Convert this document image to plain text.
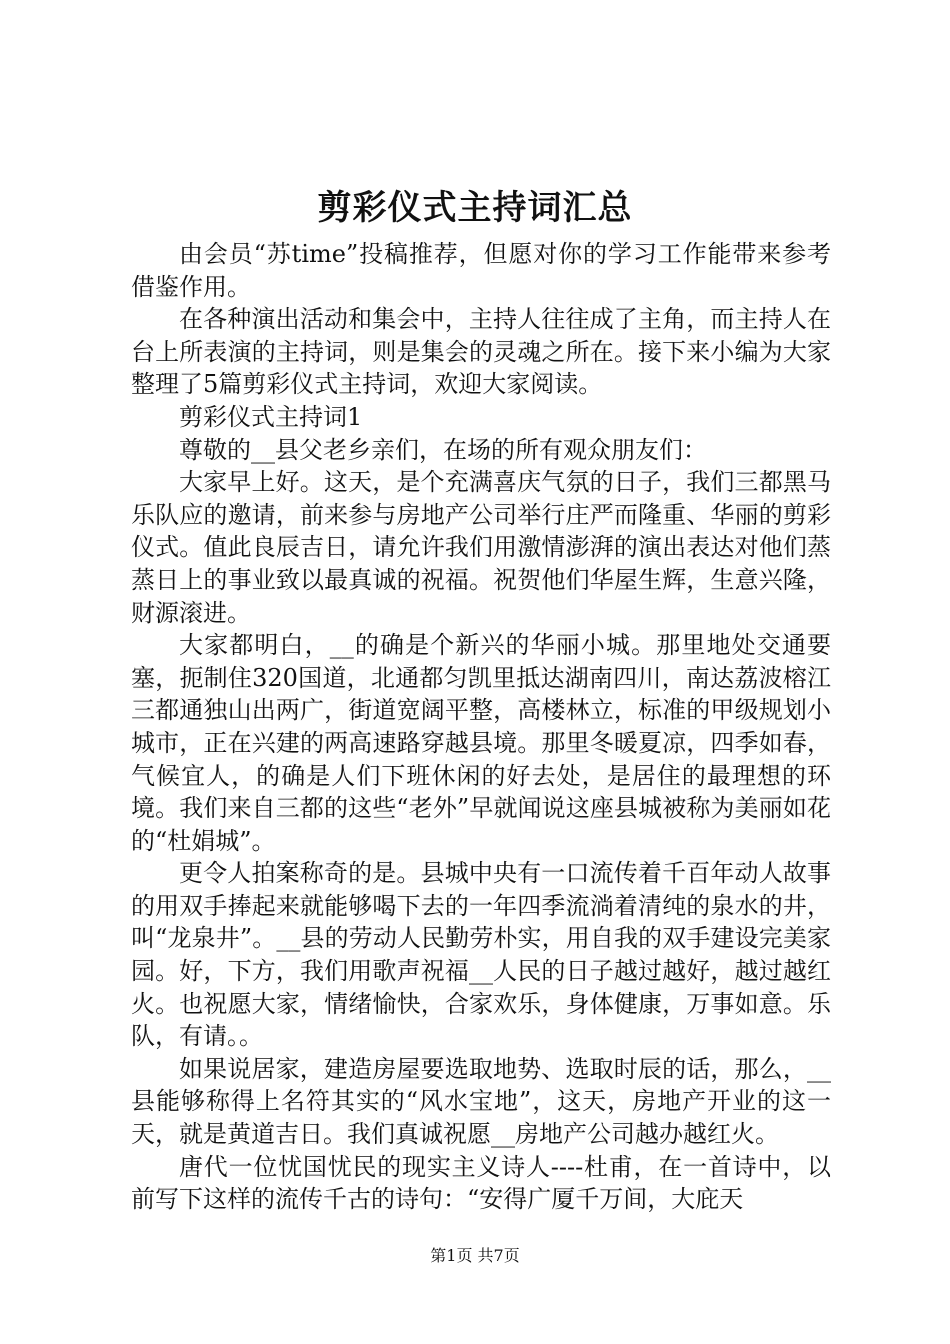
剪彩仪式主持词汇总

由会员“苏time”投稿推荐，但愿对你的学习工作能带来参考借鉴作用。

在各种演出活动和集会中，主持人往往成了主角，而主持人在台上所表演的主持词，则是集会的灵魂之所在。接下来小编为大家整理了5篇剪彩仪式主持词，欢迎大家阅读。

剪彩仪式主持词1

尊敬的__县父老乡亲们，在场的所有观众朋友们：

大家早上好。这天，是个充满喜庆气氛的日子，我们三都黑马乐队应的邀请，前来参与房地产公司举行庄严而隆重、华丽的剪彩仪式。值此良辰吉日，请允许我们用激情澎湃的演出表达对他们蒸蒸日上的事业致以最真诚的祝福。祝贺他们华屋生辉，生意兴隆，财源滚进。

大家都明白，__的确是个新兴的华丽小城。那里地处交通要塞，扼制住320国道，北通都匀凯里抵达湖南四川，南达荔波榕江三都通独山出两广，街道宽阔平整，高楼林立，标准的甲级规划小城市，正在兴建的两高速路穿越县境。那里冬暖夏凉，四季如春，气候宜人，的确是人们下班休闲的好去处，是居住的最理想的环境。我们来自三都的这些“老外”早就闻说这座县城被称为美丽如花的“杜娟城”。

更令人拍案称奇的是。县城中央有一口流传着千百年动人故事的用双手捧起来就能够喝下去的一年四季流淌着清纯的泉水的井，叫“龙泉井”。__县的劳动人民勤劳朴实，用自我的双手建设完美家园。好，下方，我们用歌声祝福__人民的日子越过越好，越过越红火。也祝愿大家，情绪愉快，合家欢乐，身体健康，万事如意。乐队，有请。。

如果说居家，建造房屋要选取地势、选取时辰的话，那么，__县能够称得上名符其实的“风水宝地”，这天，房地产开业的这一天，就是黄道吉日。我们真诚祝愿__房地产公司越办越红火。

唐代一位忧国忧民的现实主义诗人----杜甫，在一首诗中，以前写下这样的流传千古的诗句：“安得广厦千万间，大庇天

第1页 共7页
